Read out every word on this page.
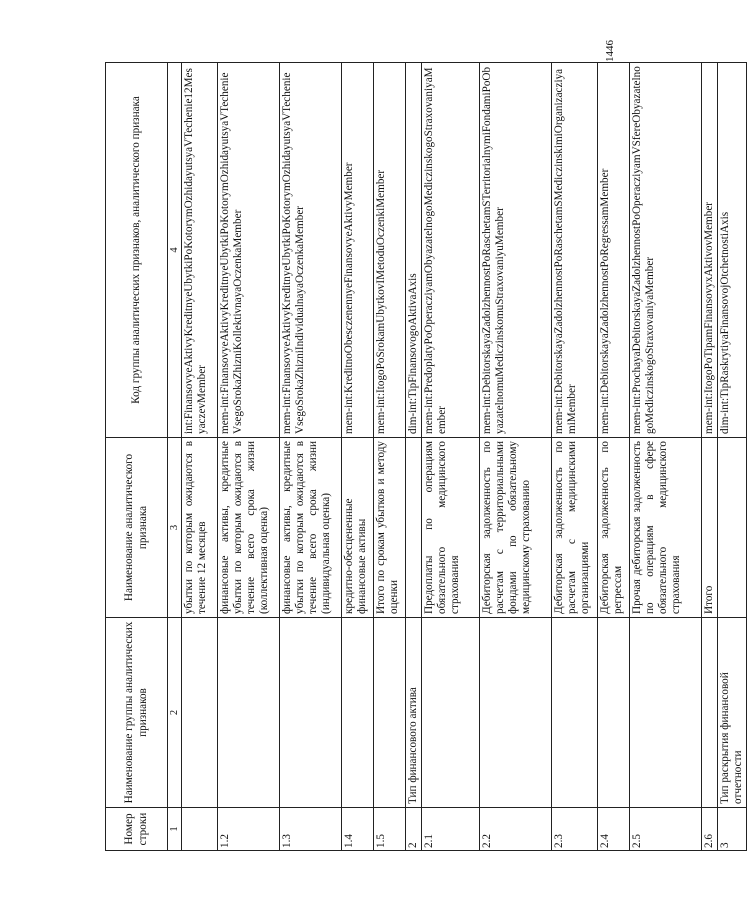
1446
Номер строки	Наименование группы аналитических признаков	Наименование аналитического признака	Код группы аналитических признаков, аналитического признака
1	2	3	4
		убытки по которым ожидаются в течение 12 месяцев	int:FinansovyeAktivyKreditnyeUbytkiPoKotorymOzhidayutsyaVTechenie12MesyaczevMember
1.2		финансовые активы, кредитные убытки по которым ожидаются в течение всего срока жизни (коллективная оценка)	mem-int:FinansovyeAktivyKreditnyeUbytkiPoKotorymOzhidayutsyaVTechenieVsegoSrokaZhizniKollektivnayaOczenkaMember
1.3		финансовые активы, кредитные убытки по которым ожидаются в течение всего срока жизни (индивидуальная оценка)	mem-int:FinansovyeAktivyKreditnyeUbytkiPoKotorymOzhidayutsyaVTechenieVsegoSrokaZhizniIndividualnayaOczenkaMember
1.4		кредитно-обесцененные финансовые активы	mem-int:KreditnoObesczenennyeFinansovyeAktivyMember
1.5		Итого по срокам убытков и методу оценки	mem-int:ItogoPoSrokamUbytkovIMetoduOczenkiMember
2	Тип финансового актива		dim-int:TipFinansovogoAktivaAxis
2.1		Предоплаты по операциям обязательного медицинского страхования	mem-int:PredoplatyPoOperacziyamObyazatelnogoMediczinskogoStraxovaniyaMember
2.2		Дебиторская задолженность по расчетам с территориальными фондами по обязательному медицинскому страхованию	mem-int:DebitorskayaZadolzhennostPoRaschetamSTerritorialnymiFondamiPoObyazatelnomuMediczinskomuStraxovaniyuMember
2.3		Дебиторская задолженность по расчетам с медицинскими организациями	mem-int:DebitorskayaZadolzhennostPoRaschetamSMediczinskimiOrganizacziyamiMember
2.4		Дебиторская задолженность по регрессам	mem-int:DebitorskayaZadolzhennostPoRegressamMember
2.5		Прочая дебиторская задолженность по операциям в сфере обязательного медицинского страхования	mem-int:ProchayaDebitorskayaZadolzhennostPoOperacziyamVSfereObyazatelnogoMediczinskogoStraxovaniyaMember
2.6		Итого	mem-int:ItogoPoTipamFinansovyxAktivovMember
3	Тип раскрытия финансовой отчетности		dim-int:TipRaskrytiyaFinansovojOtchetnostiAxis
